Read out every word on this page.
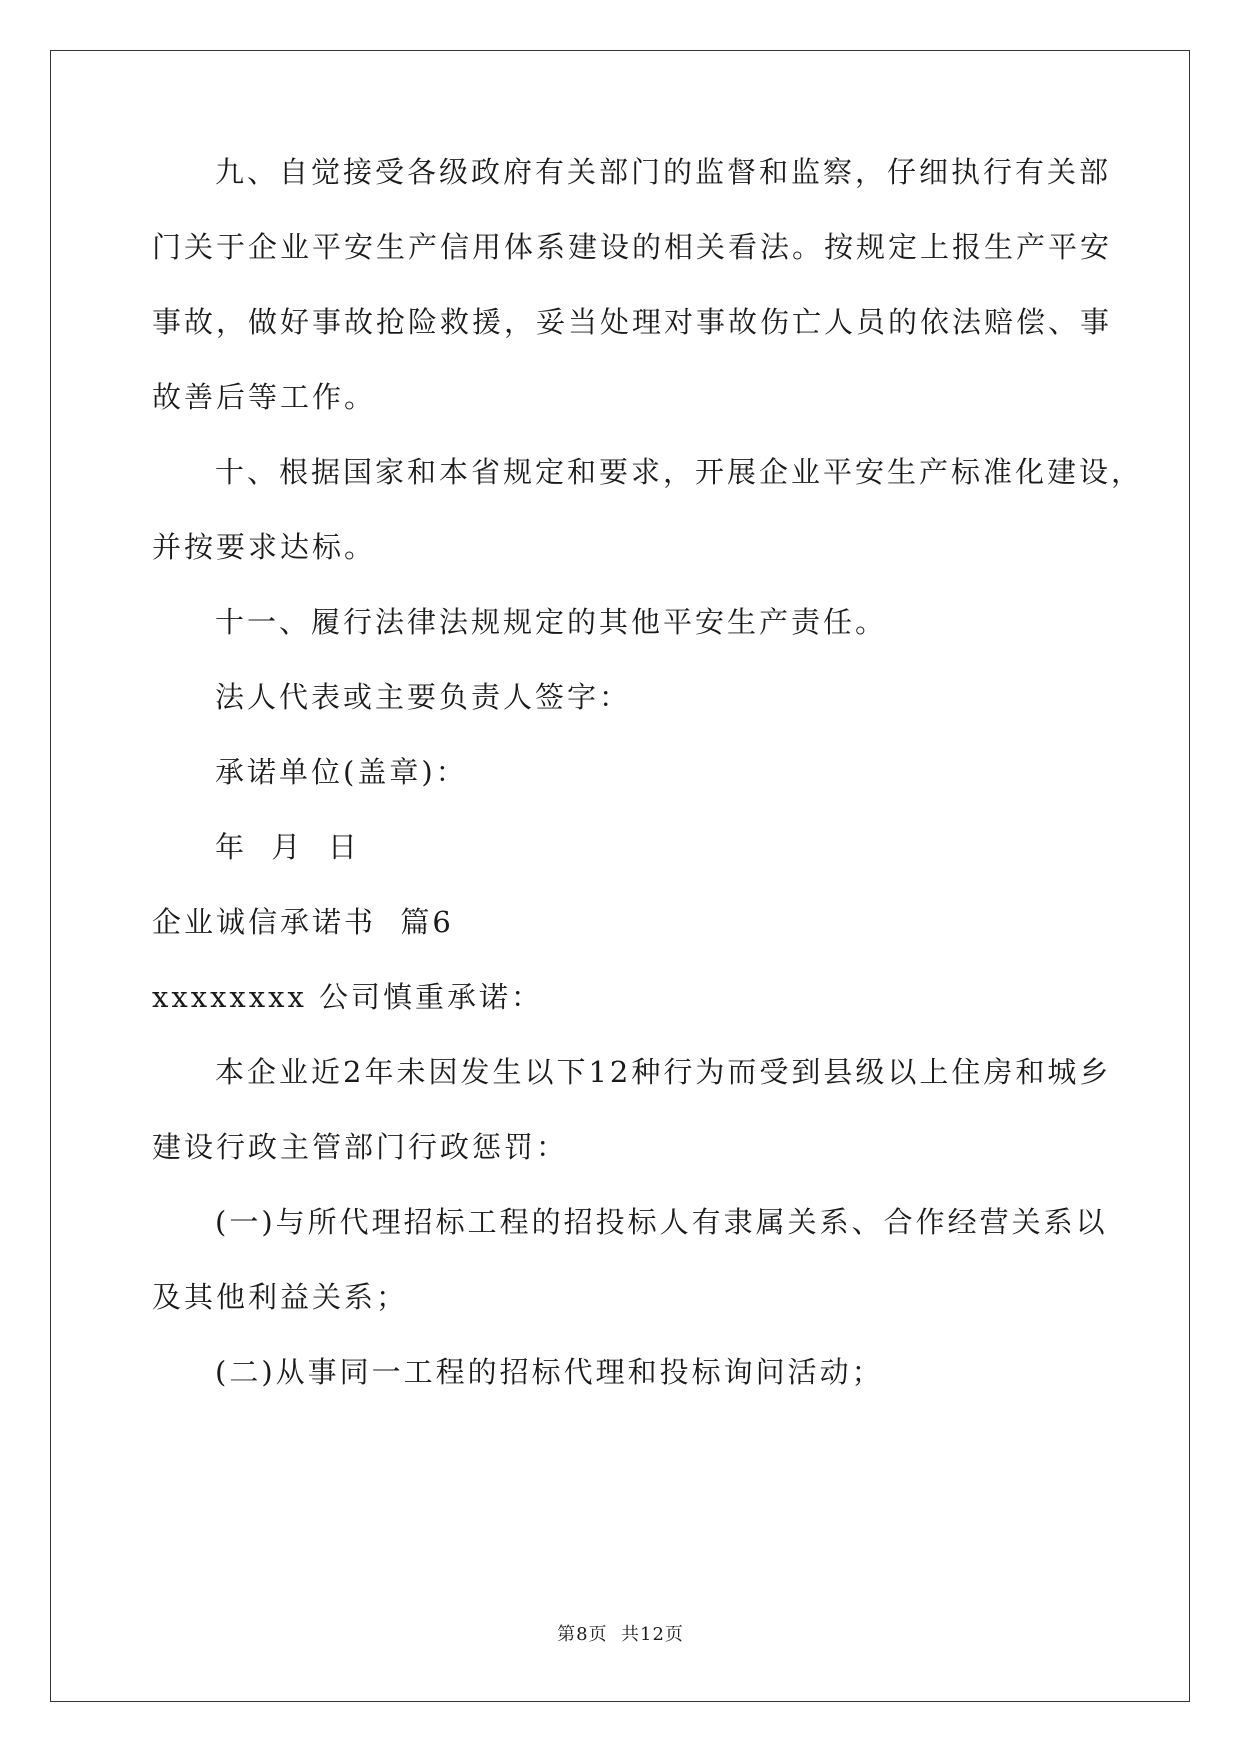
九、自觉接受各级政府有关部门的监督和监察，仔细执行有关部
门关于企业平安生产信用体系建设的相关看法。按规定上报生产平安
事故，做好事故抢险救援，妥当处理对事故伤亡人员的依法赔偿、事
故善后等工作。
十、根据国家和本省规定和要求，开展企业平安生产标准化建设，
并按要求达标。
十一、履行法律法规规定的其他平安生产责任。
法人代表或主要负责人签字：
承诺单位(盖章)：
年  月  日
企业诚信承诺书  篇6
xxxxxxxx 公司慎重承诺：
本企业近2年未因发生以下12种行为而受到县级以上住房和城乡
建设行政主管部门行政惩罚：
(一)与所代理招标工程的招投标人有隶属关系、合作经营关系以
及其他利益关系；
(二)从事同一工程的招标代理和投标询问活动；
第8页  共12页
